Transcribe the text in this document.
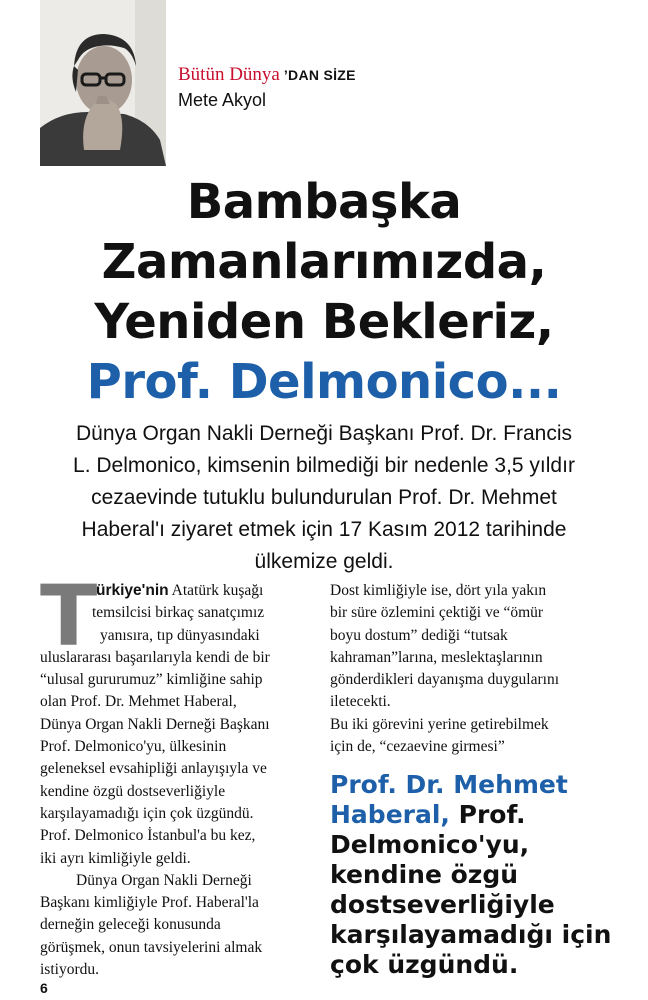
Bütün Dünya ’DAN SİZE
Mete Akyol
Bambaşka
Zamanlarımızda,
Yeniden Bekleriz,
Prof. Delmonico...
Dünya Organ Nakli Derneği Başkanı Prof. Dr. Francis
L. Delmonico, kimsenin bilmediği bir nedenle 3,5 yıldır
cezaevinde tutuklu bulundurulan Prof. Dr. Mehmet
Haberal'ı ziyaret etmek için 17 Kasım 2012 tarihinde
ülkemize geldi.
T
ürkiye'nin Atatürk kuşağı
temsilcisi birkaç sanatçımız
yanısıra, tıp dünyasındaki
uluslararası başarılarıyla kendi de bir
“ulusal gururumuz” kimliğine sahip
olan Prof. Dr. Mehmet Haberal,
Dünya Organ Nakli Derneği Başkanı
Prof. Delmonico'yu, ülkesinin
geleneksel evsahipliği anlayışıyla ve
kendine özgü dostseverliğiyle
karşılayamadığı için çok üzgündü.
Prof. Delmonico İstanbul'a bu kez,
iki ayrı kimliğiyle geldi.
Dünya Organ Nakli Derneği
Başkanı kimliğiyle Prof. Haberal'la
derneğin geleceği konusunda
görüşmek, onun tavsiyelerini almak
istiyordu.
Dost kimliğiyle ise, dört yıla yakın
bir süre özlemini çektiği ve “ömür
boyu dostum” dediği “tutsak
kahraman”larına, meslektaşlarının
gönderdikleri dayanışma duygularını
iletecekti.
Bu iki görevini yerine getirebilmek
için de, “cezaevine girmesi”
Prof. Dr. Mehmet
Haberal, Prof.
Delmonico'yu,
kendine özgü
dostseverliğiyle
karşılayamadığı için
çok üzgündü.
6
